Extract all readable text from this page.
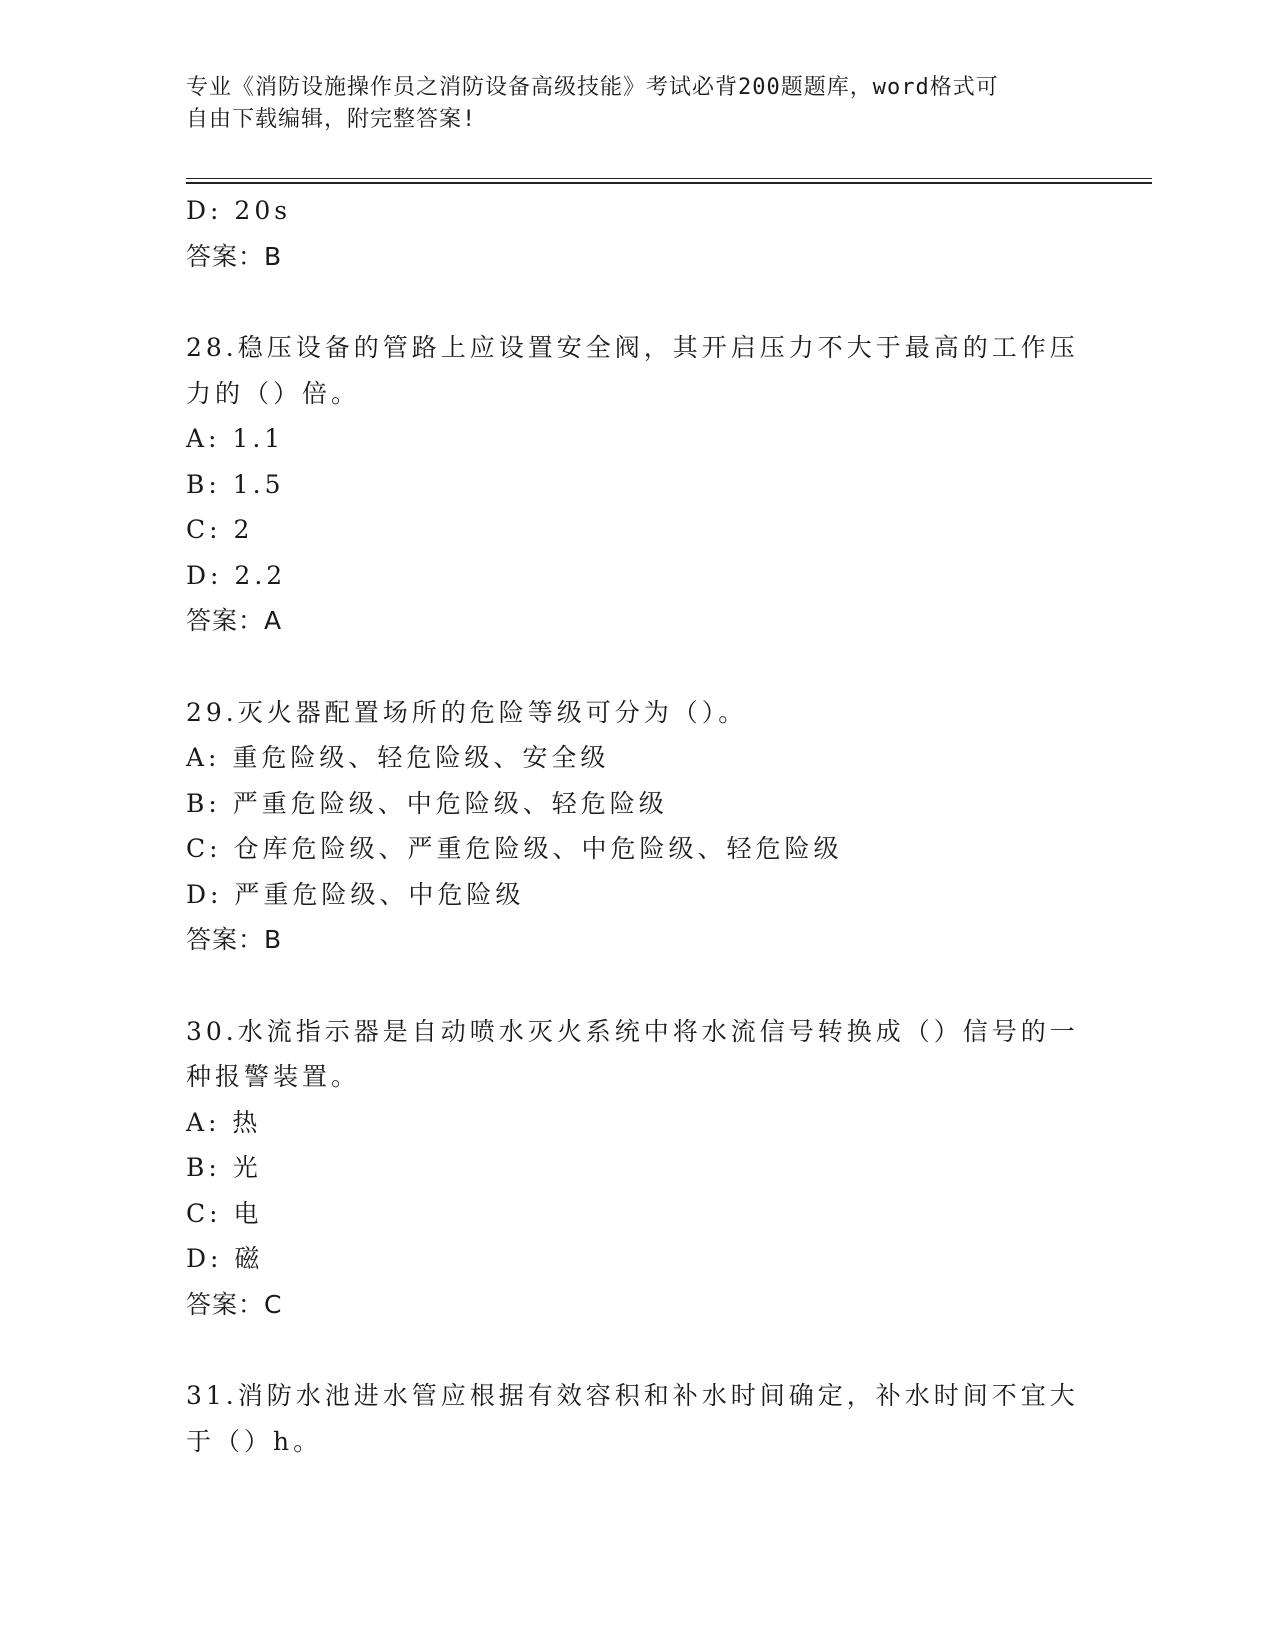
专业《消防设施操作员之消防设备高级技能》考试必背200题题库，word格式可
自由下载编辑，附完整答案!
D: 20s
答案：B
28.稳压设备的管路上应设置安全阀，其开启压力不大于最高的工作压
力的（）倍。
A: 1.1
B: 1.5
C: 2
D: 2.2
答案：A
29.灭火器配置场所的危险等级可分为（）。
A: 重危险级、轻危险级、安全级
B: 严重危险级、中危险级、轻危险级
C: 仓库危险级、严重危险级、中危险级、轻危险级
D: 严重危险级、中危险级
答案：B
30.水流指示器是自动喷水灭火系统中将水流信号转换成（）信号的一
种报警装置。
A: 热
B: 光
C: 电
D: 磁
答案：C
31.消防水池进水管应根据有效容积和补水时间确定，补水时间不宜大
于（）h。
